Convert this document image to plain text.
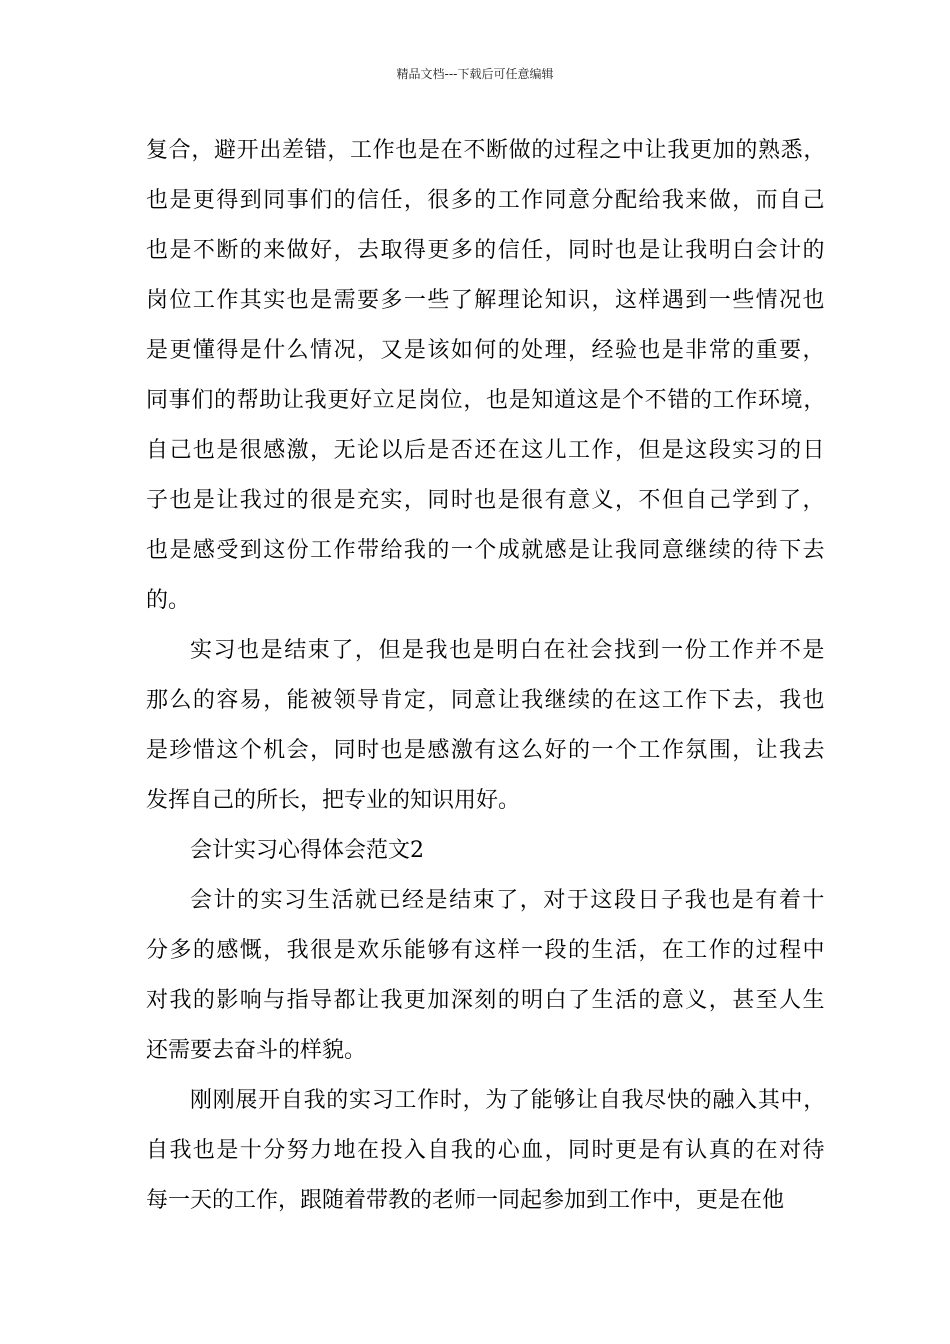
精品文档---下载后可任意编辑
复合，避开出差错，工作也是在不断做的过程之中让我更加的熟悉，
也是更得到同事们的信任，很多的工作同意分配给我来做，而自己
也是不断的来做好，去取得更多的信任，同时也是让我明白会计的
岗位工作其实也是需要多一些了解理论知识，这样遇到一些情况也
是更懂得是什么情况，又是该如何的处理，经验也是非常的重要，
同事们的帮助让我更好立足岗位，也是知道这是个不错的工作环境，
自己也是很感激，无论以后是否还在这儿工作，但是这段实习的日
子也是让我过的很是充实，同时也是很有意义，不但自己学到了，
也是感受到这份工作带给我的一个成就感是让我同意继续的待下去
的。
实习也是结束了，但是我也是明白在社会找到一份工作并不是
那么的容易，能被领导肯定，同意让我继续的在这工作下去，我也
是珍惜这个机会，同时也是感激有这么好的一个工作氛围，让我去
发挥自己的所长，把专业的知识用好。
会计实习心得体会范文2
会计的实习生活就已经是结束了，对于这段日子我也是有着十
分多的感慨，我很是欢乐能够有这样一段的生活，在工作的过程中
对我的影响与指导都让我更加深刻的明白了生活的意义，甚至人生
还需要去奋斗的样貌。
刚刚展开自我的实习工作时，为了能够让自我尽快的融入其中，
自我也是十分努力地在投入自我的心血，同时更是有认真的在对待
每一天的工作，跟随着带教的老师一同起参加到工作中，更是在他
